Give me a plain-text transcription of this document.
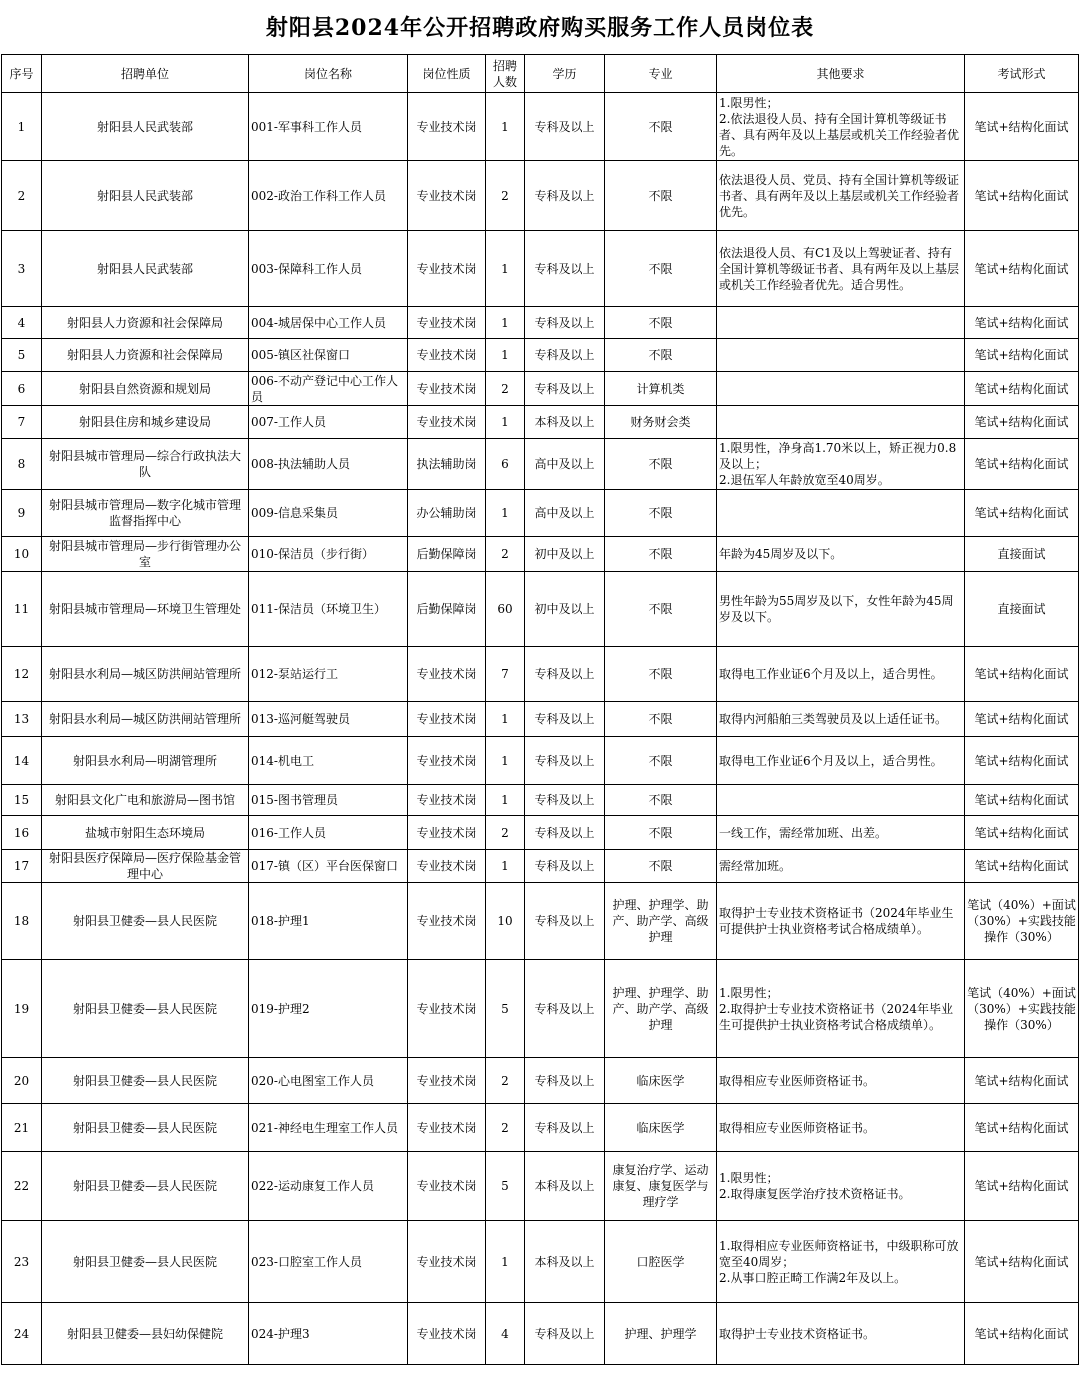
射阳县2024年公开招聘政府购买服务工作人员岗位表
序号	招聘单位	岗位名称	岗位性质	招聘人数	学历	专业	其他要求	考试形式
1	射阳县人民武装部	001-军事科工作人员	专业技术岗	1	专科及以上	不限	1.限男性；
2.依法退役人员、持有全国计算机等级证书者、具有两年及以上基层或机关工作经验者优先。	笔试+结构化面试
2	射阳县人民武装部	002-政治工作科工作人员	专业技术岗	2	专科及以上	不限	依法退役人员、党员、持有全国计算机等级证书者、具有两年及以上基层或机关工作经验者优先。	笔试+结构化面试
3	射阳县人民武装部	003-保障科工作人员	专业技术岗	1	专科及以上	不限	依法退役人员、有C1及以上驾驶证者、持有全国计算机等级证书者、具有两年及以上基层或机关工作经验者优先。适合男性。	笔试+结构化面试
4	射阳县人力资源和社会保障局	004-城居保中心工作人员	专业技术岗	1	专科及以上	不限		笔试+结构化面试
5	射阳县人力资源和社会保障局	005-镇区社保窗口	专业技术岗	1	专科及以上	不限		笔试+结构化面试
6	射阳县自然资源和规划局	006-不动产登记中心工作人员	专业技术岗	2	专科及以上	计算机类		笔试+结构化面试
7	射阳县住房和城乡建设局	007-工作人员	专业技术岗	1	本科及以上	财务财会类		笔试+结构化面试
8	射阳县城市管理局—综合行政执法大队	008-执法辅助人员	执法辅助岗	6	高中及以上	不限	1.限男性，净身高1.70米以上，矫正视力0.8及以上；
2.退伍军人年龄放宽至40周岁。	笔试+结构化面试
9	射阳县城市管理局—数字化城市管理监督指挥中心	009-信息采集员	办公辅助岗	1	高中及以上	不限		笔试+结构化面试
10	射阳县城市管理局—步行街管理办公室	010-保洁员（步行街）	后勤保障岗	2	初中及以上	不限	年龄为45周岁及以下。	直接面试
11	射阳县城市管理局—环境卫生管理处	011-保洁员（环境卫生）	后勤保障岗	60	初中及以上	不限	男性年龄为55周岁及以下，女性年龄为45周岁及以下。	直接面试
12	射阳县水利局—城区防洪闸站管理所	012-泵站运行工	专业技术岗	7	专科及以上	不限	取得电工作业证6个月及以上，适合男性。	笔试+结构化面试
13	射阳县水利局—城区防洪闸站管理所	013-巡河艇驾驶员	专业技术岗	1	专科及以上	不限	取得内河船舶三类驾驶员及以上适任证书。	笔试+结构化面试
14	射阳县水利局—明湖管理所	014-机电工	专业技术岗	1	专科及以上	不限	取得电工作业证6个月及以上，适合男性。	笔试+结构化面试
15	射阳县文化广电和旅游局—图书馆	015-图书管理员	专业技术岗	1	专科及以上	不限		笔试+结构化面试
16	盐城市射阳生态环境局	016-工作人员	专业技术岗	2	专科及以上	不限	一线工作，需经常加班、出差。	笔试+结构化面试
17	射阳县医疗保障局—医疗保险基金管理中心	017-镇（区）平台医保窗口	专业技术岗	1	专科及以上	不限	需经常加班。	笔试+结构化面试
18	射阳县卫健委—县人民医院	018-护理1	专业技术岗	10	专科及以上	护理、护理学、助产、助产学、高级护理	取得护士专业技术资格证书（2024年毕业生可提供护士执业资格考试合格成绩单）。	笔试（40%）+面试（30%）+实践技能操作（30%）
19	射阳县卫健委—县人民医院	019-护理2	专业技术岗	5	专科及以上	护理、护理学、助产、助产学、高级护理	1.限男性；
2.取得护士专业技术资格证书（2024年毕业生可提供护士执业资格考试合格成绩单）。	笔试（40%）+面试（30%）+实践技能操作（30%）
20	射阳县卫健委—县人民医院	020-心电图室工作人员	专业技术岗	2	专科及以上	临床医学	取得相应专业医师资格证书。	笔试+结构化面试
21	射阳县卫健委—县人民医院	021-神经电生理室工作人员	专业技术岗	2	专科及以上	临床医学	取得相应专业医师资格证书。	笔试+结构化面试
22	射阳县卫健委—县人民医院	022-运动康复工作人员	专业技术岗	5	本科及以上	康复治疗学、运动康复、康复医学与理疗学	1.限男性；
2.取得康复医学治疗技术资格证书。	笔试+结构化面试
23	射阳县卫健委—县人民医院	023-口腔室工作人员	专业技术岗	1	本科及以上	口腔医学	1.取得相应专业医师资格证书，中级职称可放宽至40周岁；
2.从事口腔正畸工作满2年及以上。	笔试+结构化面试
24	射阳县卫健委—县妇幼保健院	024-护理3	专业技术岗	4	专科及以上	护理、护理学	取得护士专业技术资格证书。	笔试+结构化面试
